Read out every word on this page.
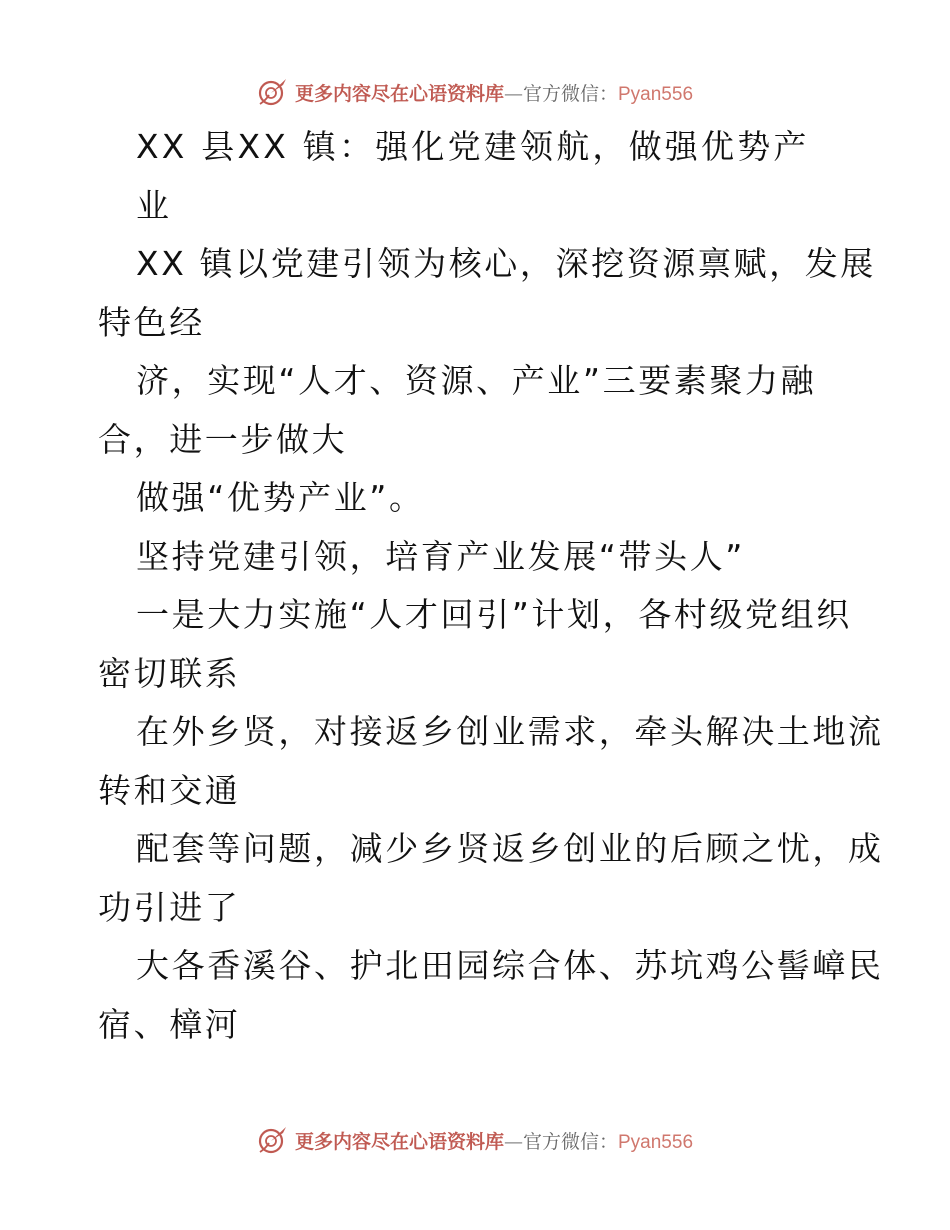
更多内容尽在心语资料库—官方微信：Pyan556
XX 县XX 镇：强化党建领航，做强优势产
业
XX 镇以党建引领为核心，深挖资源禀赋，发展
特色经
济，实现“人才、资源、产业”三要素聚力融
合，进一步做大
做强“优势产业”。
坚持党建引领，培育产业发展“带头人”
一是大力实施“人才回引”计划，各村级党组织
密切联系
在外乡贤，对接返乡创业需求，牵头解决土地流
转和交通
配套等问题，减少乡贤返乡创业的后顾之忧，成
功引进了
大各香溪谷、护北田园综合体、苏坑鸡公髻嶂民
宿、樟河
更多内容尽在心语资料库—官方微信：Pyan556
